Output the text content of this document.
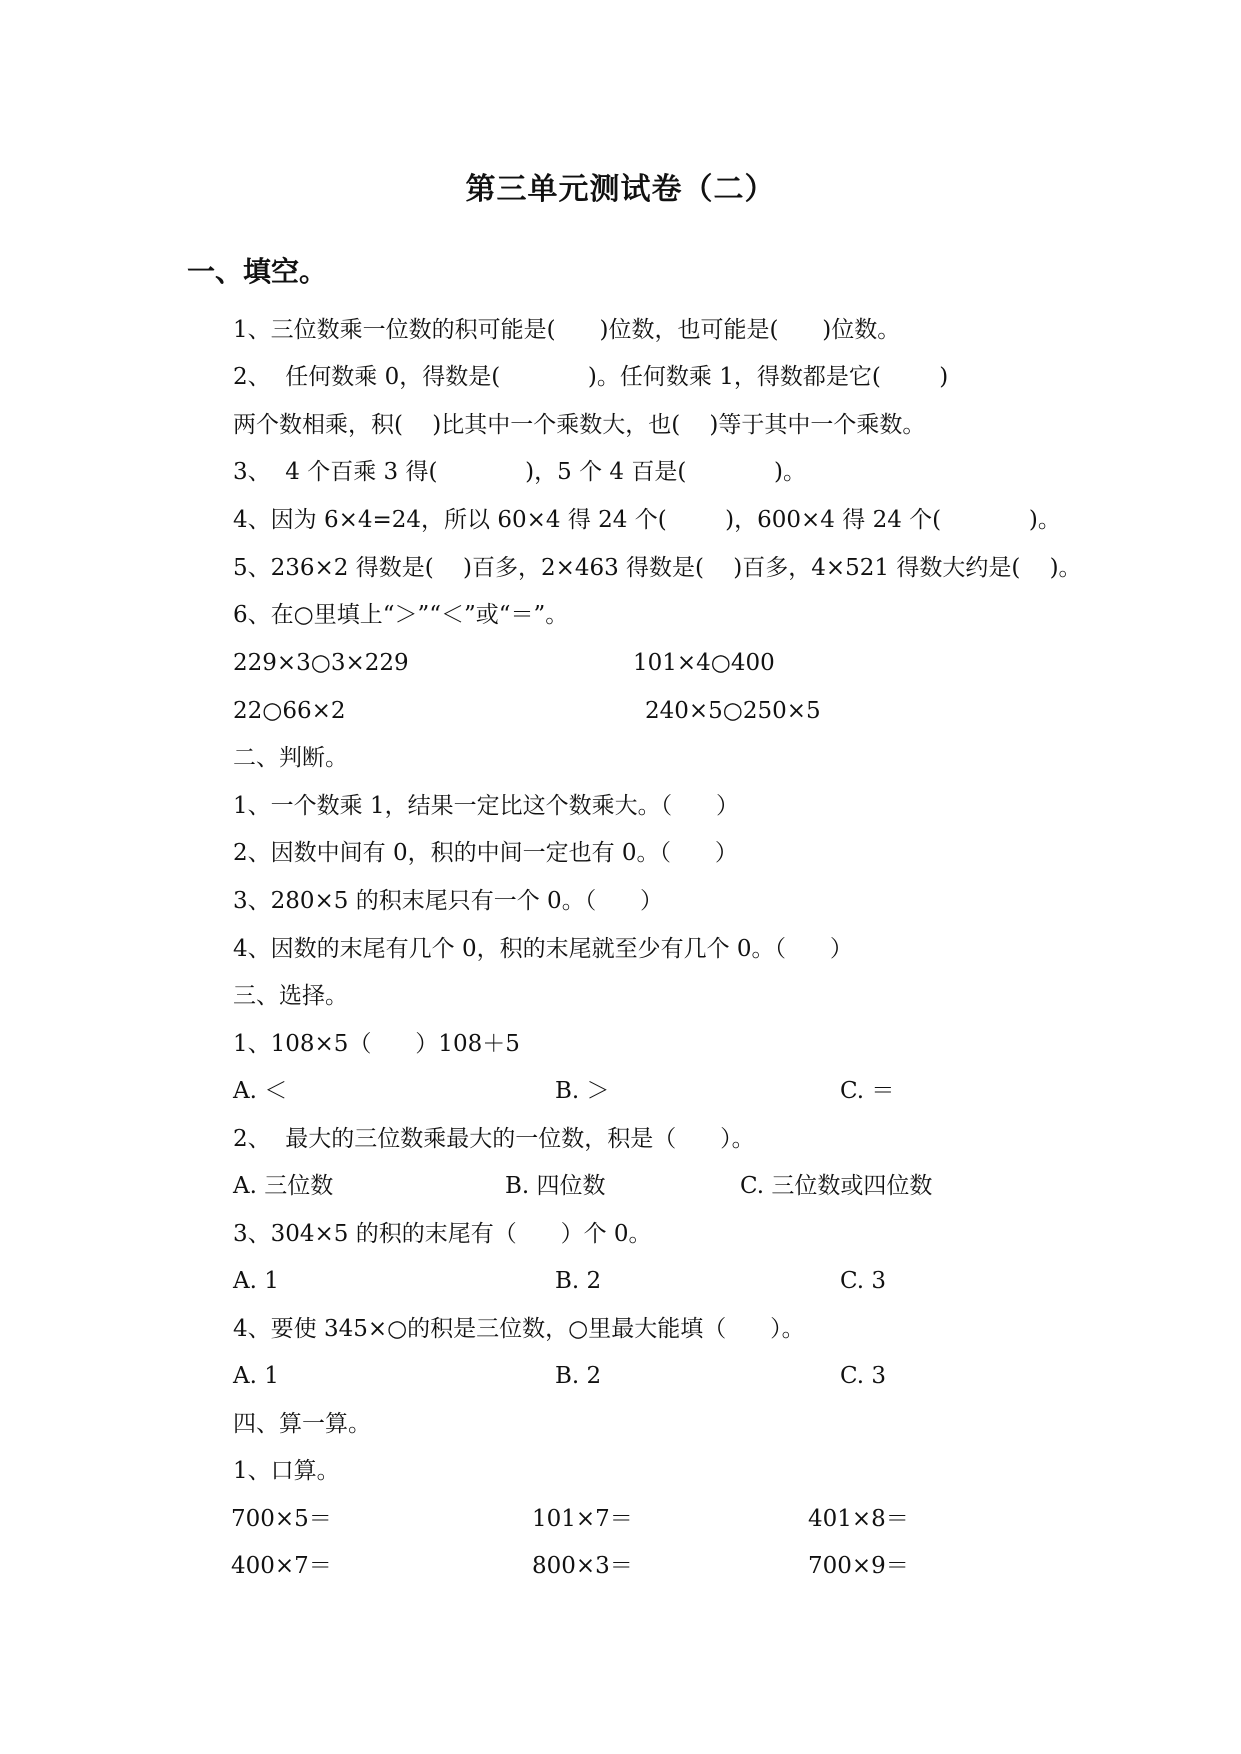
第三单元测试卷（二）
一、填空。
1、三位数乘一位数的积可能是(      )位数，也可能是(      )位数。
2、  任何数乘 0，得数是(            )。任何数乘 1，得数都是它(        )
两个数相乘，积(    )比其中一个乘数大，也(    )等于其中一个乘数。
3、  4 个百乘 3 得(            )，5 个 4 百是(            )。
4、因为 6×4=24，所以 60×4 得 24 个(        )，600×4 得 24 个(            )。
5、236×2 得数是(    )百多，2×463 得数是(    )百多，4×521 得数大约是(    )。
6、在○里填上“＞”“＜”或“＝”。
229×3○3×229	101×4○400
22○66×2	240×5○250×5
二、判断。
1、一个数乘 1，结果一定比这个数乘大。（      ）
2、因数中间有 0，积的中间一定也有 0。（      ）
3、280×5 的积末尾只有一个 0。（      ）
4、因数的末尾有几个 0，积的末尾就至少有几个 0。（      ）
三、选择。
1、108×5（      ）108＋5
A. ＜	B. ＞	C. ＝
2、  最大的三位数乘最大的一位数，积是（      ）。
A. 三位数	B. 四位数	C. 三位数或四位数
3、304×5 的积的末尾有（      ）个 0。
A. 1	B. 2	C. 3
4、要使 345×○的积是三位数，○里最大能填（      ）。
A. 1	B. 2	C. 3
四、算一算。
1、口算。
700×5＝	101×7＝	401×8＝
400×7＝	800×3＝	700×9＝
